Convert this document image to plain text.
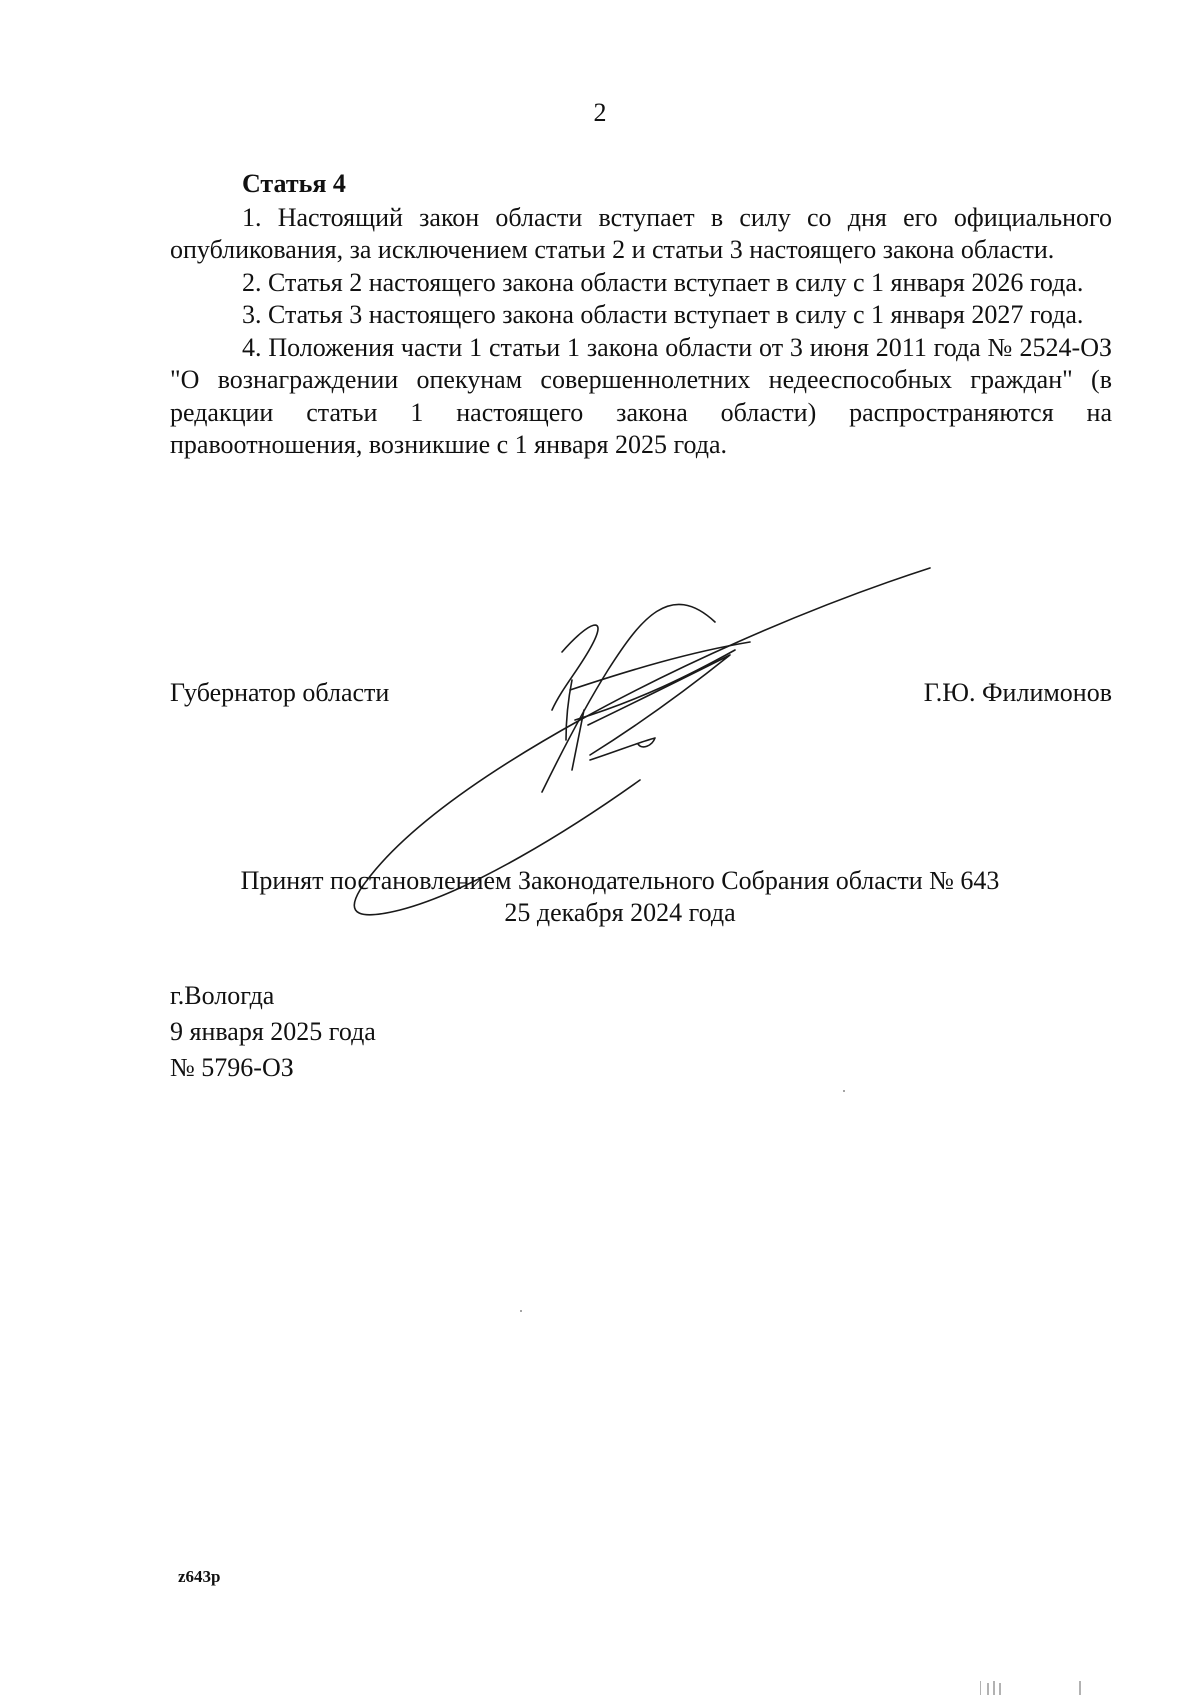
2
Статья 4

1. Настоящий закон области вступает в силу со дня его официального опубликования, за исключением статьи 2 и статьи 3 настоящего закона области.

2. Статья 2 настоящего закона области вступает в силу с 1 января 2026 года.

3. Статья 3 настоящего закона области вступает в силу с 1 января 2027 года.

4. Положения части 1 статьи 1 закона области от 3 июня 2011 года № 2524-ОЗ "О вознаграждении опекунам совершеннолетних недееспособных граждан" (в редакции статьи 1 настоящего закона области) распространяются на правоотношения, возникшие с 1 января 2025 года.

Губернатор области	Г.Ю. Филимонов
Принят постановлением Законодательного Собрания области № 643
25 декабря 2024 года
г.Вологда
9 января 2025 года
№ 5796-ОЗ
z643p
